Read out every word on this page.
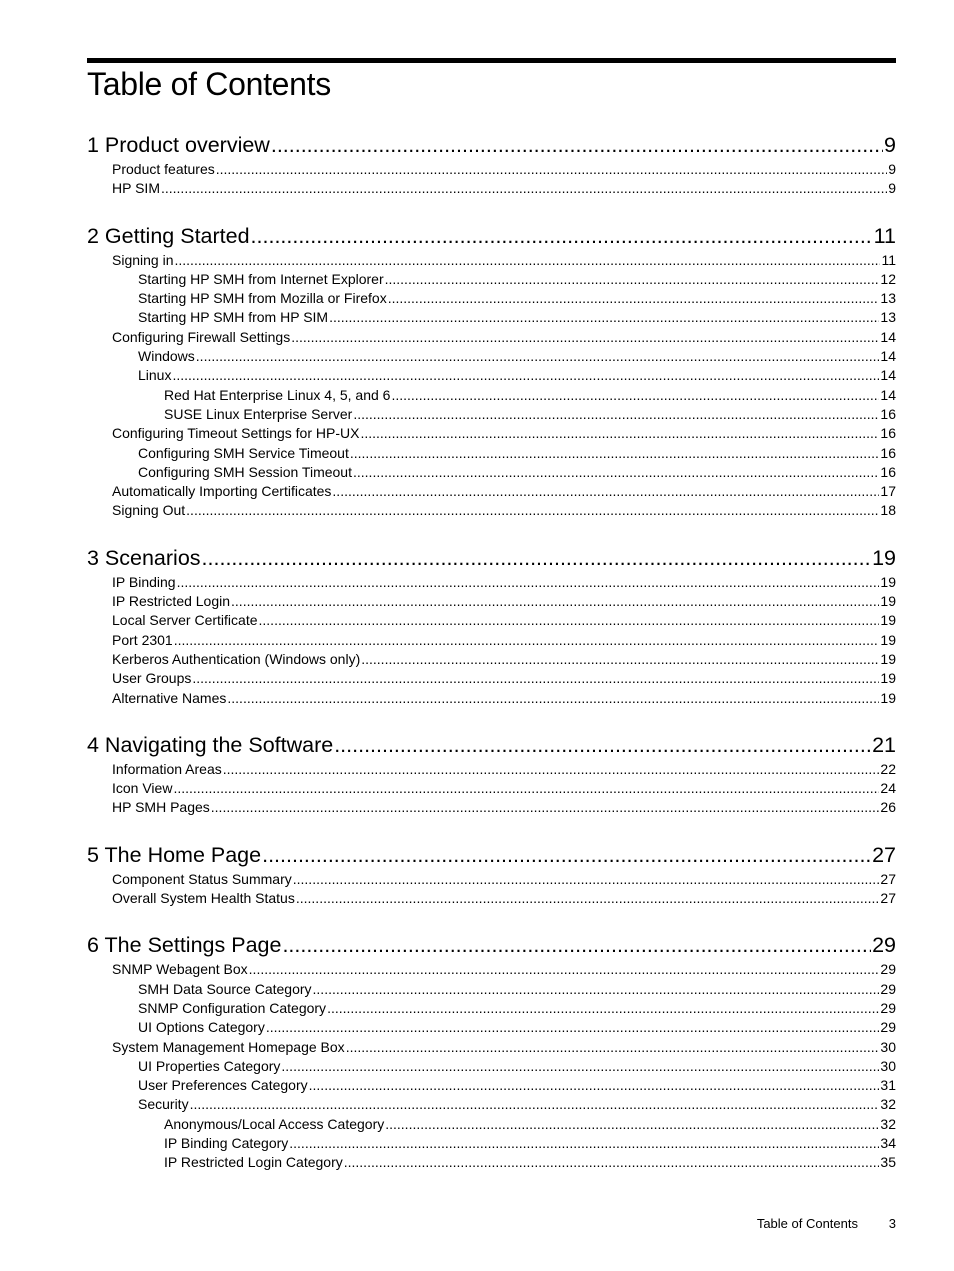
Table of Contents
1 Product overview .....	9
Product features .....	9
HP SIM .....	9
2 Getting Started .....	11
Signing in .....	11
Starting HP SMH from Internet Explorer .....	12
Starting HP SMH from Mozilla or Firefox .....	13
Starting HP SMH from HP SIM .....	13
Configuring Firewall Settings .....	14
Windows .....	14
Linux .....	14
Red Hat Enterprise Linux 4, 5, and 6 .....	14
SUSE Linux Enterprise Server .....	16
Configuring Timeout Settings for HP-UX .....	16
Configuring SMH Service Timeout .....	16
Configuring SMH Session Timeout .....	16
Automatically Importing Certificates .....	17
Signing Out .....	18
3 Scenarios .....	19
IP Binding .....	19
IP Restricted Login .....	19
Local Server Certificate .....	19
Port 2301 .....	19
Kerberos Authentication (Windows only) .....	19
User Groups .....	19
Alternative Names .....	19
4 Navigating the Software .....	21
Information Areas .....	22
Icon View .....	24
HP SMH Pages .....	26
5 The Home Page .....	27
Component Status Summary .....	27
Overall System Health Status .....	27
6 The Settings Page .....	29
SNMP Webagent Box .....	29
SMH Data Source Category .....	29
SNMP Configuration Category .....	29
UI Options Category .....	29
System Management Homepage Box .....	30
UI Properties Category .....	30
User Preferences Category .....	31
Security .....	32
Anonymous/Local Access Category .....	32
IP Binding Category .....	34
IP Restricted Login Category .....	35
Table of Contents 3
